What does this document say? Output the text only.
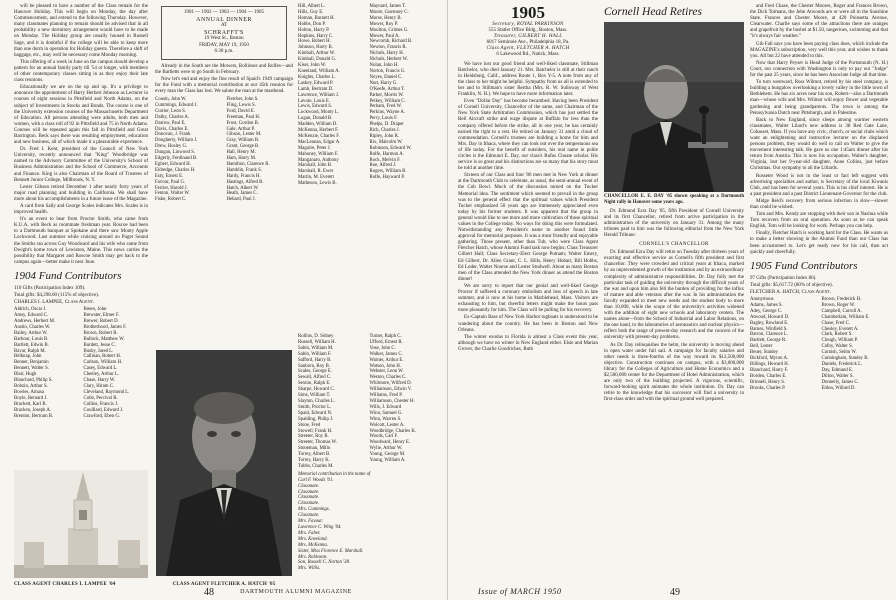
will be pleased to have a number of the Class remain for the Hanover Holiday. This will begin on Monday, the day after Commencement, and extend to the following Thursday. However, many classmates planning to remain should be advised that in all probability a new dormitory arrangement would have to be made on Monday. The Holiday group are usually housed in Russell Sage, and it is doubtful if the college will be able to keep more than one dorm in operation for Holiday guests. Therefore a shift of baggage, etc., may well be necessary come Monday morning.

This offering of a week in June on the campus should develop a pattern for an annual family party till '54 or longer, with members of other contemporary classes sitting in as they enjoy their late class reunions.

Educationally we are on the up and up. It's a privilege to announce the appointment of Harry Herbert Johnson as Lecturer in courses of eight sessions in Pittsfield and North Adams, on the subject of Investments in Stocks and Bonds. The course is one of the University extension courses of the Massachusetts Department of Education. All persons attending were adults, both men and women, with a class roll of 92 in Pittsfield and 75 in North Adams. Courses will be repeated again this fall in Pittsfield and Great Barrington. Beck says there was resulting employment, education and new business, all of which made it a pleasurable experience.

Dr. Fred I. Kent, president of the Council of New York University, recently announced that "King" Woodbridge was named to the Advisory Committee of the University's School of Business Administration and the School of Commerce, Accounts and Finance. King is also Chairman of the Board of Trustees of Bennett Junior College, Millbrook, N. Y.

Lester Gibson retired December 1 after nearly forty years of major road planning and building in California. We shall have more about his accomplishments in a future issue of the Magazine.

A card from Sally and George Scales indicates Mrs. Scales is in improved health.

It's an event to hear from Proctor Smith, who came from K.U.A. with Beck as roommate freshman year. Roscoe had been to a Dartmouth banquet at Spokane and there saw Monty Apple Lockwood. Last summer while cruising around on Puget Sound the Smiths ran across Guy Woodward and his wife who came from Dwight's home town of Lewiston, Maine. This news carries the possibility that Margaret and Roscoe Smith may get back to the campus again—better make it next June.

1904 Fund Contributors

110 Gifts (Participation Index 109).

Total gifts: $4,298.00 (115% of objective).

CHARLES I. LAMPEE, Class Agent.

Aldrich, Oscar J.
Amsy, Edward C.
Andrews, Herbert M.
Austin, Charles W.
Bailey, Arthur W.
Barbour, Louis B.
Bartlett, Edwin B.
Bavar, Ralph M.
Belknap, John
Benner, Benjamin
Bennett, Walter S.
Blair, Hugh
Blanchard, Philip S.
Bobzin, Arthur S.
Bowles, Amasa
Boyle, Bernard J.
Brackett, Karl B.
Bracken, Joseph A.
Brenton, Bertram B.
Breen, John
Brewster, Elmer F.
Brewer, Robert D.
Brotherhood, James F.
Brown, Robert R.
Bullock, Matthew W.
Burdett, Jesse C.
Busby, Jared L.
Callinan, Robert H.
Carlson, William H.
Casey, Edward L.
Cheeley, Arthur L.
Chase, Harry W.
Clary, Hiram C.
Cleveland, Raymond L.
Cobb, Percival B.
Collins, Francis J.
Couillard, Edward J.
Crawford, Eben G.
CLASS AGENT CHARLES I. LAMPEE '04
1901 — 1902 — 1903 — 1904 — 1905
ANNUAL DINNER
AT
SCHRAFFT'S
19 West St., Boston
FRIDAY, MAY 19, 1950
6:30 p.m.

Already in the South are the Mowers, Rollinses and Rolfes—and the Bartletts were to go South in February.

Now let's end and enjoy the fine result of Spaid's 1949 campaign for the Fund with a memorial contribution at our 45th reunion for every man the Class has lost. We salute the man at the masthead.

Cousin, John W.
Cummings, Edward J.
Currier, Leon S.
Dalby, Charles A.
Darrow, Paul E.
Davis, Charles E.
Donovan, J. Frank
Dougherty, William J.
Drew, Hosley G.
Dungan, Linwood S.
Edgerly, Ferdinand B.
Egbert, Edward H.
Eldredge, Charles H.
Esty, Ernest E.
Favour, Paul G.
Ferrier, Harold J.
Fenton, Walter W.
Fiske, Robert C.
Fletcher, John S.
Fling, Lewis S.
Ford, David E.
Freeman, Paul H.
Frost, Gordon B.
Gale, Arthur P.
Gibson, Lester M.
Gray, William B.
Grant, George B.
Hall, Henry M.
Ham, Harry M.
Hamilton, Clarence B.
Hamblin, Frank S.
Hardy, Francis H.
Hastings, Alfred B.
Hatch, Albert W.
Heath, James C.
Hebard, Paul J.
CLASS AGENT FLETCHER A. HATCH '05
Hill, Albert L.
Hills, Guy E.
Homan, Burnett H.
Hobbs, Don P.
Holton, Harry P.
Hopkins, Harry C.
Howe, Robert H.
Johnson, Harry B.
Kimball, Arthur W.
Kimball, Donald G.
Kiser, John W.
Kneeland, William A.
Knights, Charles L.
Laskey, Edward P.
Lamb, Bertram D.
Lawrence, William J.
Lavoie, Louis E.
Lewis, Edward S.
Lockwood, Monty L.
Logan, Donald B.
Madden, William D.
McKenna, Herbert F.
McKenzie, Charles F.
MacLennan, Edgar A.
Maguire, Peter J.
Mahoney, William F.
Manganaro, Anthony
Marshall, John B.
Marshall, R. Ewer
Martin, M. Everett
Matheson, Lewis B.
Maynard, James T.
Moore, Guernsey C.
Morse, Henry B.
Mower, Roy P.
Moulton, Grimes G.
Mower, Paul A.
Newcomb, Richard B.
Newton, Francis R.
Nichols, Harry H.
Nichols, Herbert W.
Nolan, John H.
Norton, Francis G.
Noyes, Daniel C.
Nutt, Harry G.
O'Keefe, Arthur T.
Parker, Morris W.
Pelkey, William C.
Perham, Fred W.
Perkins, Wayne A.
Perry, Louis F.
Phelps, D. Draper
Rich, Charles J.
Ripley, John R.
Rix, Malcolm W.
Robinson, Edward W.
Rolfe, Harmon A.
Rock, Melvin F.
Roe, Alfred J.
Rogers, William B.
Rolfe, Hayward P.
48	DARTMOUTH ALUMNI MAGAZINE
Rollins, D. Sidney
Russell, William H.
Sabin, William M.
Sabin, William F.
Safford, Harry B.
Sanborn, Roy B.
Scales, George E.
Sewall, Alfred C.
Sexton, Ralph E.
Sharpe, Howard C.
Sims, William T.
Slayton, Charles L.
Smith, Proctor L.
Spaid, Edward N.
Spalding, Philip J.
Stone, Fred
Stowell, Frank H.
Streeter, Roy B.
Streeter, Thomas W.
Stoneman, Millo
Torrey, Albert B.
Torrey, Harry K.
Tubbs, Charles M.
Turner, Ralph C.
Ufford, Ernest R.
Vose, John C.
Walker, James C.
Warner, Arthur E.
Watson, John H.
Webster, Leon W.
Weston, Charles C.
Whitmore, Wilfred D.
Williamson, Edwin V.
Williams, Fred P.
Williamson, Chester H.
Wills, J. Edward
Winn, Samuel G.
Winn, Warren S.
Wolcott, Lester A.
Woodbridge, Charles K.
Woods, Carl F.
Woodward, Henry E.
Wylie, Arthur W.
Young, George M.
Young, William A.
Memorial contribution in the name of
Carl F. Woods '01.
Classmate.
Classmate.
Classmate.
Classmate.
Mrs. Cummings.
Classmate.
Mrs. Favour.
Lawrence C. Wing '04.
Mrs. Faber.
Mrs. Kneeland.
Mrs. McKenna.
Sister, Miss Florence E. Marshall.
Mrs. Robinson.
Son, Russell C. Norton '38.
Mrs. Willis.
1905
Secretary, ROYAL PARKINSON
555 Statler Office Bldg., Boston, Mass.
Treasurer, GILBERT H. HALL
6017 Seminole Ave., Philadelphia 18, Pa.
Class Agent, FLETCHER A. HATCH
6 Lakewood Rd., Natick, Mass.

We have lost our good friend and well-liked classmate, Stillman Batchelor, who died January 21. Mrs. Batchelor is still at their ranch in Heidsburg, Calif., address Route 1, Box Y-5. A note from any of the class to her might be helpful. Sympathy from us all is extended to her and to Stillman's sister Bertha (Mrs. R. W. Sulloway of West Franklin, N. H.). We hope to have more information later.

Even "Dollar Day" has become becambed. Having been President of Cornell University, Chancellor of the same, and Chairman of the New York State Arbitration Commission, which has just settled the Bell Aircraft strike and wage dispute at Buffalo for less than the company offered before the strike, all in one year, he has certainly earned the right to a rest. He retired on January 31 amid a cloud of commendation. Cornell's trustees are building a home for him and Mrs. Day in Ithaca, where they can look out over the tempestuous sea of life today. For the benefit of outsiders, his real name in polite circles is the Edmund E. Day, our class's Rufus Choate scholar. His service is so great and his distinctions are so many that his story must be told at another time.

Sixteen of our Class and four '06 men met in New York at dinner at the Dartmouth Club to celebrate, as usual, the semi-annual event of the Cub Bowl. Much of the discussion turned on the Tucker Memorial idea. The sentiment which seemed to prevail in the group was to the general effect that the spiritual values which President Tucker emphasized 50 years ago are immensely appreciated even today by his former students. It was apparent that the group in general would like to see more and more cultivation of those spiritual values in the College today. No ways for doing this were formulated. Notwithstanding any President's name to another found little approval for memorial purposes. It was a most friendly and enjoyable gathering. Those present, other than Tub, who were Class Agent Fletcher Hatch, whose Alumni Fund task now begins; Class Treasurer Gilbert Hall; Class Secretary-Elect George Putnam; Walter Emery, Ed Gilbert, Dr. Allen Grant, C. L. Hills, Henry Hobart, Bill Hobbs, Ed Loder, Walter Nourse and Lester Studwell. About as many Boston men of the Class attended the New York dinner as attend the Boston dinner!

We are sorry to report that our genial and well-liked George Proctor if suffered a coronary embolism and loss of speech in late summer, and is now at his home in Marblehead, Mass. Visitors are exhausting to him, but cheerful letters might make the hours pass more pleasantly for him. The Class will be pulling for his recovery.

Ex-Captain Bass of New York Harbor tugboats is understood to be wandering about the country. He has been in Boston and New Orleans.

The winter exodus to Florida is almost a Class event this year, although we have no winter in New England either. Elsie and Marian Grover, the Charlie Goodriches, Ruth

Cornell Head Retires
CHANCELLOR E. E. DAY '05 shown speaking at a Dartmouth Night rally in Hanover some years ago.

Dr. Edmund Ezra Day '05, fifth President of Cornell University and its first Chancellor, retired from active participation in the administration of the university on January 31. Among the many tributes paid to him was the following editorial from the New York Herald Tribune:

CORNELL'S CHANCELLOR

Dr. Edmund Ezra Day will retire on Tuesday after thirteen years of exacting and effective service as Cornell's fifth president and first chancellor. They were crowded and critical years at Ithaca, marked by an unprecedented growth of the institution and by an extraordinary complexity of administrative responsibilities. Dr. Day fully met the particular task of guiding the university through the difficult years of the war and upon him also fell the burden of providing for the influx of mature and able veterans after the war. In his administration the faculty expanded to meet new needs and the student body to more than 10,000, while the scope of the university's activities widened with the addition of eight new schools and laboratory centers. The names alone—from the School of Industrial and Labor Relations, on the one hand, to the laboratories of aeronautics and nuclear physics—reflect both the range of present-day research and the concern of the university with present-day problems.

As Dr. Day relinquishes the helm, the university is moving ahead in open water under full sail. A campaign for faculty salaries and other needs is three-fourths of the way toward its $12,500,000 objective. Construction continues on campus, with a $3,000,000 library for the Colleges of Agriculture and Home Economics and a $2,500,000 center for the Department of Hotel Administration, which are only two of the building projected. A vigorous, scientific, forward-looking spirit animates the whole institution. Dr. Day can retire to the knowledge that his successor will find a university in first-class order and with the spiritual ground well prepared.

and Fred Chase, the Chester Moores, Roger and Frances Brown, the Dick Tolmans, the John Atwoods are or were all in the Sunshine State. Frances and Chester Moore, at 420 Poinsetta Avenue, Clearwater. Charlie says some of the attractions there are oranges and grapefruit by the bushel at $1.50, tangerines, swimming and that "it's always fair weather."

Gib Fall says you have been paying class dues, which include the MAGAZINE's subscription, very well this year, and wishes to thank you. All but 22 have attended to this.

Now that Harry Peyser is Head Judge of the Portsmouth (N. H.) Court, our connection with Washington is only to pay our "Judge" for the past 25 years, since he has been Associate Judge all that time.

To turn westward, Ross Wilmot, retired by his steel company, is building a bungalow overlooking a lovely valley in the little town of Bethlehem. He has six acres near his son, Robert—also a Dartmouth man—whose wife and Mrs. Wilmot will enjoy flower and vegetable gardening and being grandparents. The town is among the Pennsylvania Dutch near Pittsburgh, and in Palestine.

Back to New England, since sleeps among warmer western classmates, Walter Lilard's new address is 38 Red Gate Lane, Cohasset, Mass. If you have any civic, church, or social clubs which want an enlightening and instructive lecturer on the displaced persons problem, they would do well to call on Walter to give the movement interesting talk. He gave us one 1:45am dinner after his return from Austria. This is now his occupation. Walter's daughter, Virginia, lost her 9-year-old daughter, Anne Collins, just before Christmas. Our sympathy to all the Lillards.

Rosseter Wood is not in the least or fact left suggest with advertising specialties and author, is Secretary of the local Kiwanis Club, and has been for several years. This is his chief interest. He is a past president and a past District Lieutenant-Governor for the club.

Midge Reid's recovery from serious infection in slow—slower than could be wished.

Tom and Mrs. Kendy are stopping with their son in Nashua while Tom recovers from an oral operation. As soon as he can speak English, Tom will be looking for work. Perhaps you can help.

Finally, Fletcher Hatch is working hard for the Class. He wants us to make a better showing in the Alumni Fund than our Class has been accustomed to. Let's get ready now for his call, then act quickly and cheerfully.

1905 Fund Contributors

97 Gifts (Participation Index 86).

Total gifts: $5,617.72 (80% of objective).

FLETCHER A. HATCH, Class Agent.

Anonymous
Adams, James S.
Adey, George C.
Atwood, Howard D.
Bagley, Rowland E.
Barnes, Winfield S.
Barron, Clarence L.
Bartlett, George R.
Bell, Lester
Beuer, Stanley
Bickford, Myron A.
Billings, Howard H.
Blanchard, Harry F.
Borden, Charles E.
Brinnell, Henry S.
Brooks, Charles P.
Brown, Frederick H.
Brown, Roger W.
Campbell, Carroll A.
Chamberlain, William E.
Chase, Fred C.
Chesley, Everett A.
Clark, Robert S.
Clough, William P.
Colby, Walter S.
Cornish, Selim W.
Cunningham, Stanley B.
Daniels, Frederick L.
Day, Edmund E.
Dillon, Walter S.
Donnelly, James C.
Eldon, Willard D.
Issue of MARCH 1950	49
